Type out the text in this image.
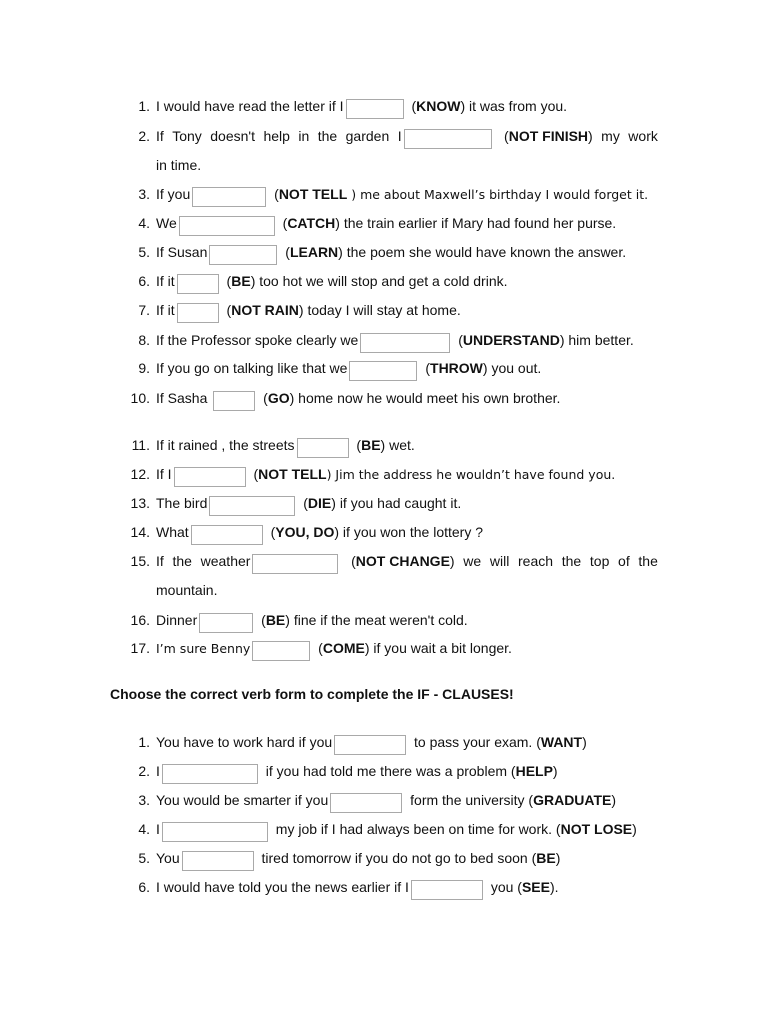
1. I would have read the letter if I	(KNOW) it was from you.
2. If Tony doesn't help in the garden I	(NOT FINISH) my work
in time.
3. If you	(NOT TELL ) me about Maxwell’s birthday I would forget it.
4. We	(CATCH) the train earlier if Mary had found her purse.
5. If Susan	(LEARN) the poem she would have known the answer.
6. If it	(BE) too hot we will stop and get a cold drink.
7. If it	(NOT RAIN) today I will stay at home.
8. If the Professor spoke clearly we	(UNDERSTAND) him better.
9. If you go on talking like that we	(THROW) you out.
10. If Sasha	(GO) home now he would meet his own brother.
11. If it rained , the streets	(BE) wet.
12. If I	(NOT TELL) Jim the address he wouldn’t have found you.
13. The bird	(DIE) if you had caught it.
14. What	(YOU, DO) if you won the lottery ?
15. If the weather	(NOT CHANGE) we will reach the top of the
mountain.
16. Dinner	(BE) fine if the meat weren't cold.
17. I’m sure Benny	(COME) if you wait a bit longer.
Choose the correct verb form to complete the IF - CLAUSES!
1. You have to work hard if you	to pass your exam. (WANT)
2. I	if you had told me there was a problem (HELP)
3. You would be smarter if you	form the university (GRADUATE)
4. I	my job if I had always been on time for work. (NOT LOSE)
5. You	tired tomorrow if you do not go to bed soon (BE)
6. I would have told you the news earlier if I	you (SEE).
